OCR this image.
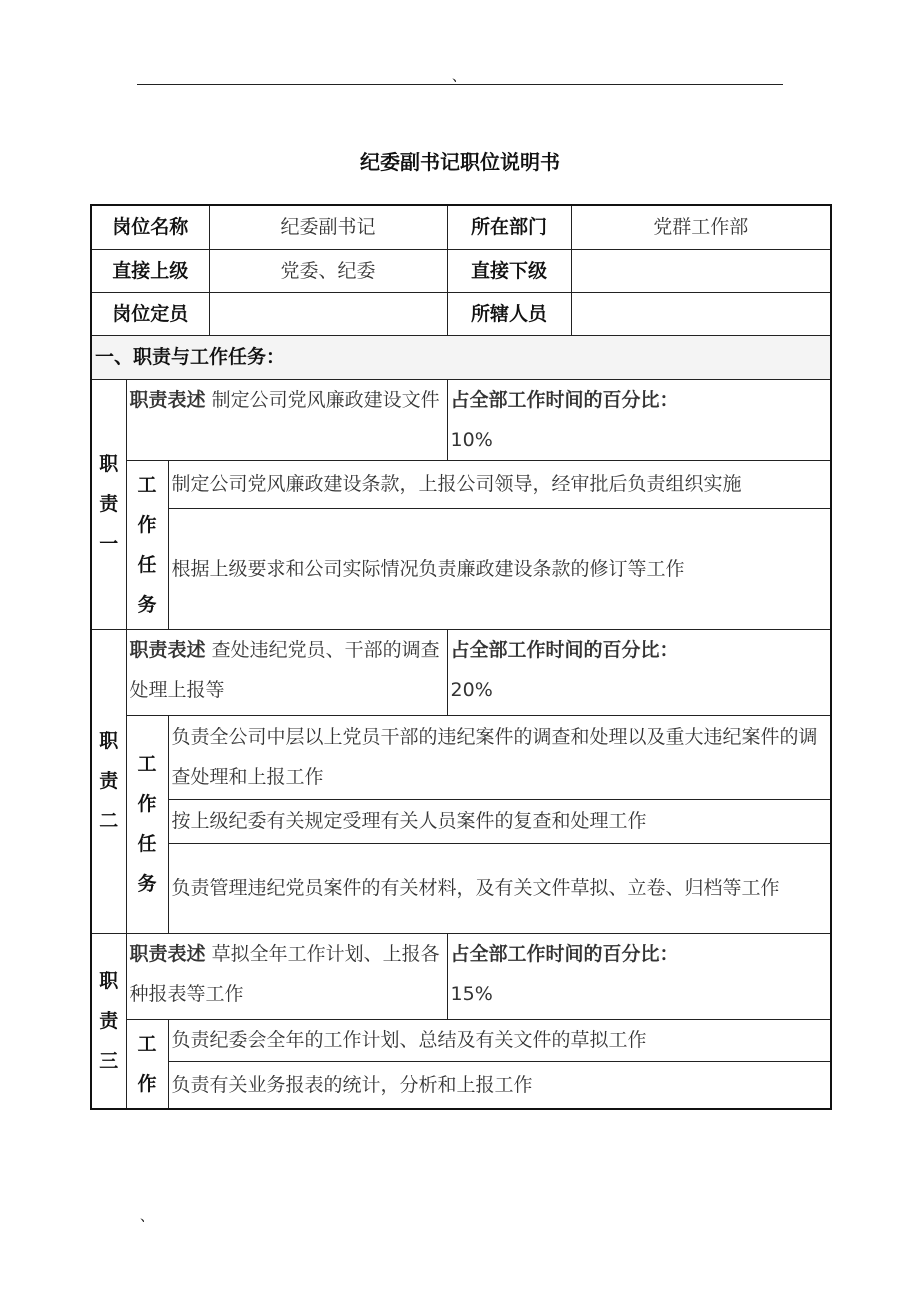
、
纪委副书记职位说明书
岗位名称			纪委副书记	所在部门	党群工作部
直接上级			党委、纪委	直接下级	
岗位定员				所辖人员	
一、职责与工作任务：					

职
责
一	职责表述 制定公司党风廉政建设文件			占全部工作时间的百分比：
10%	

	工
作
任
务	制定公司党风廉政建设条款，上报公司领导，经审批后负责组织实施			
		根据上级要求和公司实际情况负责廉政建设条款的修订等工作			

职
责
二	职责表述 查处违纪党员、干部的调查处理上报等			占全部工作时间的百分比：
20%	

	工
作
任
务	负责全公司中层以上党员干部的违纪案件的调查和处理以及重大违纪案件的调查处理和上报工作			
		按上级纪委有关规定受理有关人员案件的复查和处理工作			
		负责管理违纪党员案件的有关材料，及有关文件草拟、立卷、归档等工作			

职
责
三	职责表述 草拟全年工作计划、上报各种报表等工作			占全部工作时间的百分比：
15%	

	工
作	负责纪委会全年的工作计划、总结及有关文件的草拟工作			
		负责有关业务报表的统计，分析和上报工作			
、
